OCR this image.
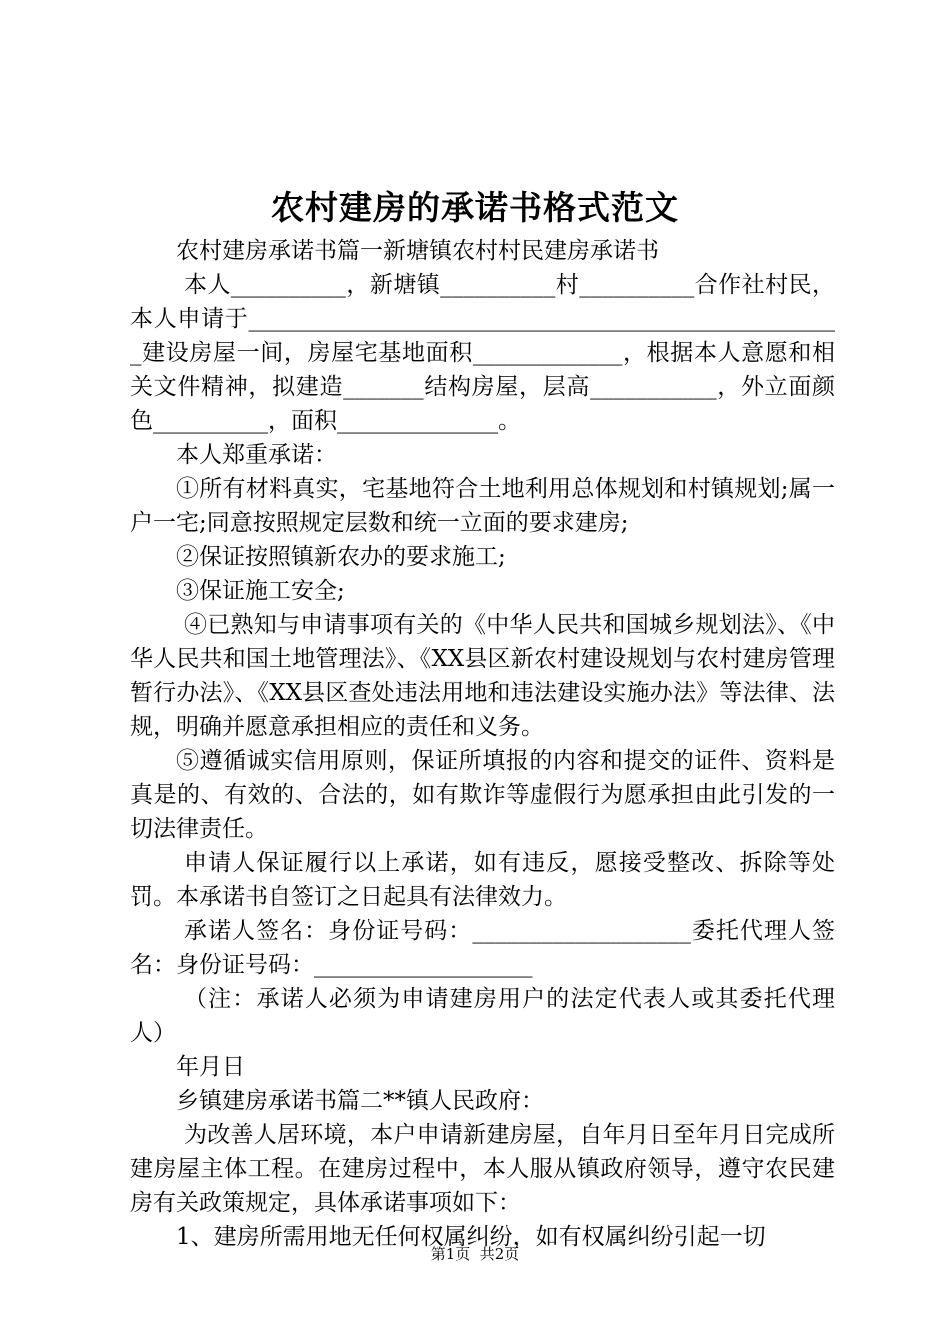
农村建房的承诺书格式范文

农村建房承诺书篇一新塘镇农村村民建房承诺书

本人__________，新塘镇__________村__________合作社村民，本人申请于____________________________________________________建设房屋一间，房屋宅基地面积_____________，根据本人意愿和相关文件精神，拟建造_______结构房屋，层高___________，外立面颜色__________，面积______________。

本人郑重承诺：

①所有材料真实，宅基地符合土地利用总体规划和村镇规划;属一户一宅;同意按照规定层数和统一立面的要求建房;

②保证按照镇新农办的要求施工;

③保证施工安全;

④已熟知与申请事项有关的《中华人民共和国城乡规划法》、《中华人民共和国土地管理法》、《XX县区新农村建设规划与农村建房管理暂行办法》、《XX县区查处违法用地和违法建设实施办法》等法律、法规，明确并愿意承担相应的责任和义务。

⑤遵循诚实信用原则，保证所填报的内容和提交的证件、资料是真是的、有效的、合法的，如有欺诈等虚假行为愿承担由此引发的一切法律责任。

申请人保证履行以上承诺，如有违反，愿接受整改、拆除等处罚。本承诺书自签订之日起具有法律效力。

承诺人签名：身份证号码：___________________委托代理人签名：身份证号码：___________________

（注：承诺人必须为申请建房用户的法定代表人或其委托代理人）

年月日

乡镇建房承诺书篇二**镇人民政府：

为改善人居环境，本户申请新建房屋，自年月日至年月日完成所建房屋主体工程。在建房过程中，本人服从镇政府领导，遵守农民建房有关政策规定，具体承诺事项如下：

1、建房所需用地无任何权属纠纷，如有权属纠纷引起一切

第1页  共2页
